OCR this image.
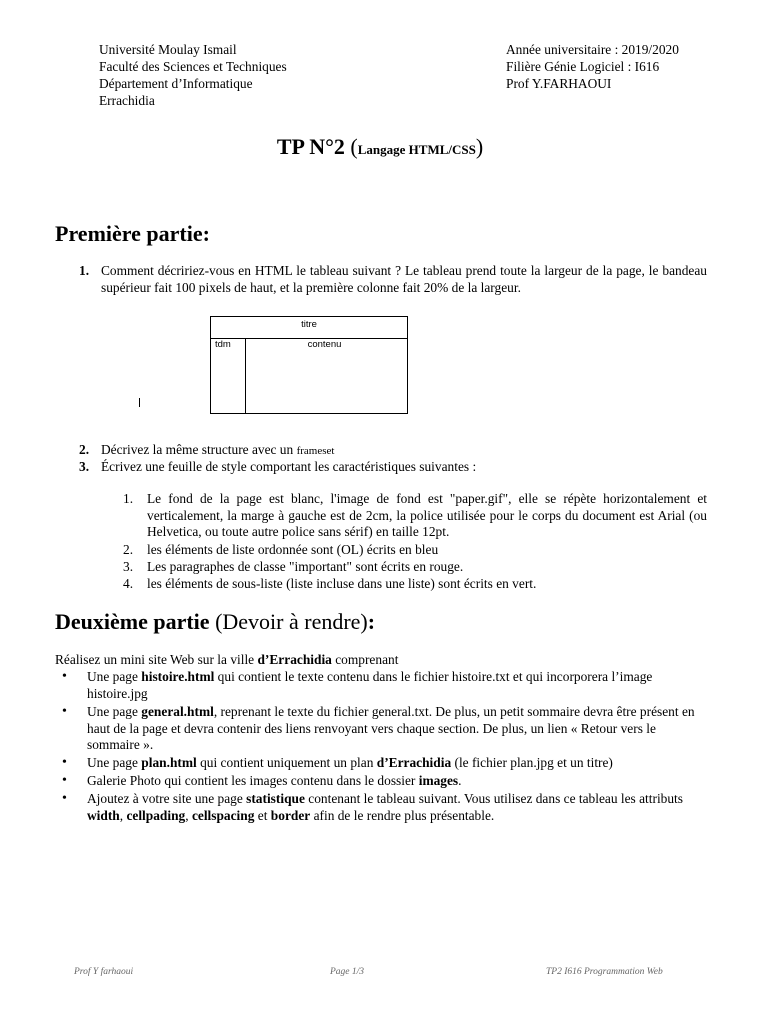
Université Moulay Ismail
Faculté des Sciences et Techniques
Département d’Informatique
Errachidia
Année universitaire : 2019/2020
Filière Génie Logiciel : I616
Prof Y.FARHAOUI
TP N°2 (Langage HTML/CSS)
Première partie:
1. Comment décririez-vous en HTML le tableau suivant ? Le tableau prend toute la largeur de la page, le bandeau supérieur fait 100 pixels de haut, et la première colonne fait 20% de la largeur.
titre
tdm	contenu
2. Décrivez la même structure avec un frameset
3. Écrivez une feuille de style comportant les caractéristiques suivantes :
1. Le fond de la page est blanc, l'image de fond est "paper.gif", elle se répète horizontalement et verticalement, la marge à gauche est de 2cm, la police utilisée pour le corps du document est Arial (ou Helvetica, ou toute autre police sans sérif) en taille 12pt.
2. les éléments de liste ordonnée sont (OL) écrits en bleu
3. Les paragraphes de classe "important" sont écrits en rouge.
4. les éléments de sous-liste (liste incluse dans une liste) sont écrits en vert.
Deuxième partie (Devoir à rendre):
Réalisez un mini site Web sur la ville d’Errachidia comprenant
• Une page histoire.html qui contient le texte contenu dans le fichier histoire.txt et qui incorporera l’image histoire.jpg
• Une page general.html, reprenant le texte du fichier general.txt. De plus, un petit sommaire devra être présent en haut de la page et devra contenir des liens renvoyant vers chaque section. De plus, un lien « Retour vers le sommaire ».
• Une page plan.html qui contient uniquement un plan d’Errachidia (le fichier plan.jpg et un titre)
• Galerie Photo qui contient les images contenu dans le dossier images.
• Ajoutez à votre site une page statistique contenant le tableau suivant. Vous utilisez dans ce tableau les attributs width, cellpading, cellspacing et border afin de le rendre plus présentable.
Prof Y farhaoui	Page 1/3	TP2 I616 Programmation Web
